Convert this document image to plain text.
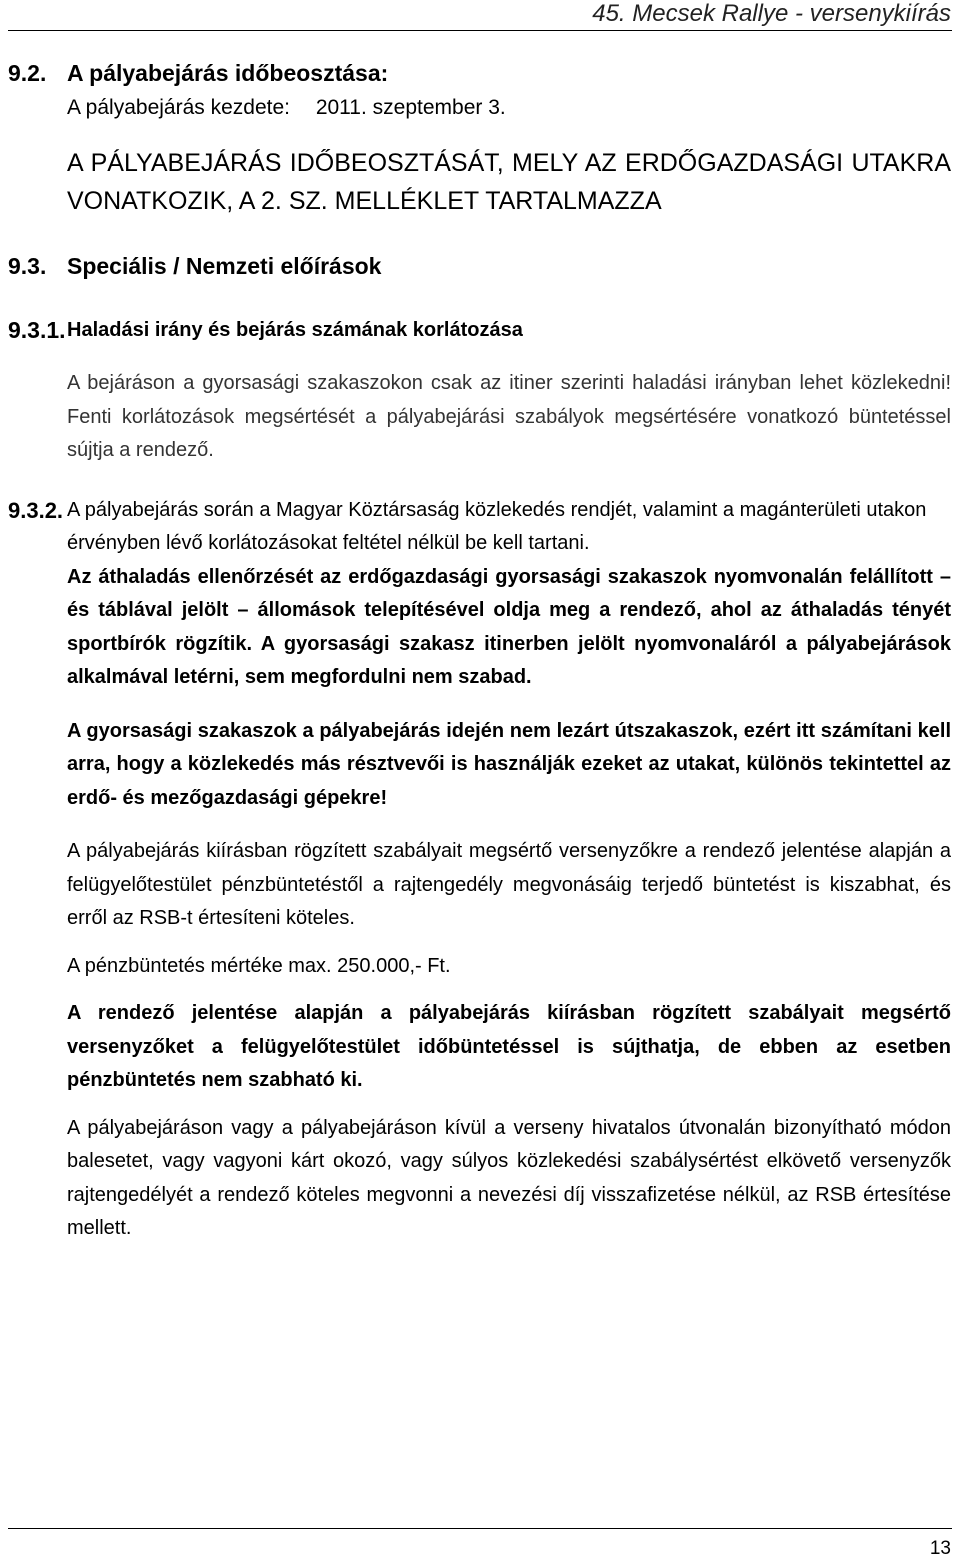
45. Mecsek Rallye - versenykiírás
9.2. A pályabejárás időbeosztása:
A pályabejárás kezdete: 2011. szeptember 3.

A PÁLYABEJÁRÁS IDŐBEOSZTÁSÁT, MELY AZ ERDŐGAZDASÁGI UTAKRA VONATKOZIK, A 2. SZ. MELLÉKLET TARTALMAZZA

9.3. Speciális / Nemzeti előírások
9.3.1. Haladási irány és bejárás számának korlátozása

A bejáráson a gyorsasági szakaszokon csak az itiner szerinti haladási irányban lehet közlekedni! Fenti korlátozások megsértését a pályabejárási szabályok megsértésére vonatkozó büntetéssel sújtja a rendező.

9.3.2. A pályabejárás során a Magyar Köztársaság közlekedés rendjét, valamint a magánterületi utakon érvényben lévő korlátozásokat feltétel nélkül be kell tartani.

Az áthaladás ellenőrzését az erdőgazdasági gyorsasági szakaszok nyomvonalán felállított – és táblával jelölt – állomások telepítésével oldja meg a rendező, ahol az áthaladás tényét sportbírók rögzítik. A gyorsasági szakasz itinerben jelölt nyomvonaláról a pályabejárások alkalmával letérni, sem megfordulni nem szabad.

A gyorsasági szakaszok a pályabejárás idején nem lezárt útszakaszok, ezért itt számítani kell arra, hogy a közlekedés más résztvevői is használják ezeket az utakat, különös tekintettel az erdő- és mezőgazdasági gépekre!

A pályabejárás kiírásban rögzített szabályait megsértő versenyzőkre a rendező jelentése alapján a felügyelőtestület pénzbüntetéstől a rajtengedély megvonásáig terjedő büntetést is kiszabhat, és erről az RSB-t értesíteni köteles.

A pénzbüntetés mértéke max. 250.000,- Ft.

A rendező jelentése alapján a pályabejárás kiírásban rögzített szabályait megsértő versenyzőket a felügyelőtestület időbüntetéssel is sújthatja, de ebben az esetben pénzbüntetés nem szabható ki.

A pályabejáráson vagy a pályabejáráson kívül a verseny hivatalos útvonalán bizonyítható módon balesetet, vagy vagyoni kárt okozó, vagy súlyos közlekedési szabálysértést elkövető versenyzők rajtengedélyét a rendező köteles megvonni a nevezési díj visszafizetése nélkül, az RSB értesítése mellett.

13
